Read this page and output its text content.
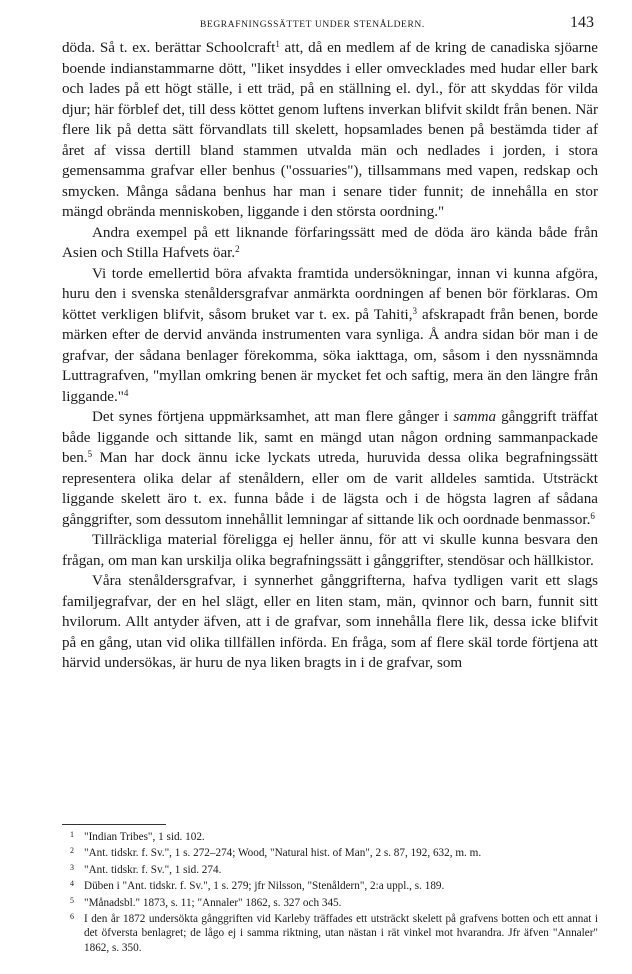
BEGRAFNINGSSÄTTET UNDER STENÅLDERN.	143

döda. Så t. ex. berättar Schoolcraft$^1$ att, då en medlem af de kring de canadiska sjöarne boende indianstammarne dött, "liket insyddes i eller omvecklades med hudar eller bark och lades på ett högt ställe, i ett träd, på en ställning el. dyl., för att skyddas för vilda djur; här förblef det, till dess köttet genom luftens inverkan blifvit skildt från benen. När flere lik på detta sätt förvandlats till skelett, hopsamlades benen på bestämda tider af året af vissa dertill bland stammen utvalda män och nedlades i jorden, i stora gemensamma grafvar eller benhus ("ossuaries"), tillsammans med vapen, redskap och smycken. Många sådana benhus har man i senare tider funnit; de innehålla en stor mängd obrända menniskoben, liggande i den största oordning."

Andra exempel på ett liknande förfaringssätt med de döda äro kända både från Asien och Stilla Hafvets öar.$^2$

Vi torde emellertid böra afvakta framtida undersökningar, innan vi kunna afgöra, huru den i svenska stenåldersgrafvar anmärkta oordningen af benen bör förklaras. Om köttet verkligen blifvit, såsom bruket var t. ex. på Tahiti,$^3$ afskrapadt från benen, borde märken efter de dervid använda instrumenten vara synliga. Å andra sidan bör man i de grafvar, der sådana benlager förekomma, söka iakttaga, om, såsom i den nyssnämnda Luttragrafven, "myllan omkring benen är mycket fet och saftig, mera än den längre från liggande."$^4$

Det synes förtjena uppmärksamhet, att man flere gånger i samma gånggrift träffat både liggande och sittande lik, samt en mängd utan någon ordning sammanpackade ben.$^5$ Man har dock ännu icke lyckats utreda, huruvida dessa olika begrafningssätt representera olika delar af stenåldern, eller om de varit alldeles samtida. Utsträckt liggande skelett äro t. ex. funna både i de lägsta och i de högsta lagren af sådana gånggrifter, som dessutom innehållit lemningar af sittande lik och oordnade benmassor.$^6$

Tillräckliga material föreligga ej heller ännu, för att vi skulle kunna besvara den frågan, om man kan urskilja olika begrafningssätt i gånggrifter, stendösar och hällkistor.

Våra stenåldersgrafvar, i synnerhet gånggrifterna, hafva tydligen varit ett slags familjegrafvar, der en hel slägt, eller en liten stam, män, qvinnor och barn, funnit sitt hvilorum. Allt antyder äfven, att i de grafvar, som innehålla flere lik, dessa icke blifvit på en gång, utan vid olika tillfällen införda. En fråga, som af flere skäl torde förtjena att härvid undersökas, är huru de nya liken bragts in i de grafvar, som

1 "Indian Tribes", 1 sid. 102.

2 "Ant. tidskr. f. Sv.", 1 s. 272–274; Wood, "Natural hist. of Man", 2 s. 87, 192, 632, m. m.

3 "Ant. tidskr. f. Sv.", 1 sid. 274.

4 Düben i "Ant. tidskr. f. Sv.", 1 s. 279; jfr Nilsson, "Stenåldern", 2:a uppl., s. 189.

5 "Månadsbl." 1873, s. 11; "Annaler" 1862, s. 327 och 345.

6 I den år 1872 undersökta gånggriften vid Karleby träffades ett utsträckt skelett på grafvens botten och ett annat i det öfversta benlagret; de lågo ej i samma riktning, utan nästan i rät vinkel mot hvarandra. Jfr äfven "Annaler" 1862, s. 350.
